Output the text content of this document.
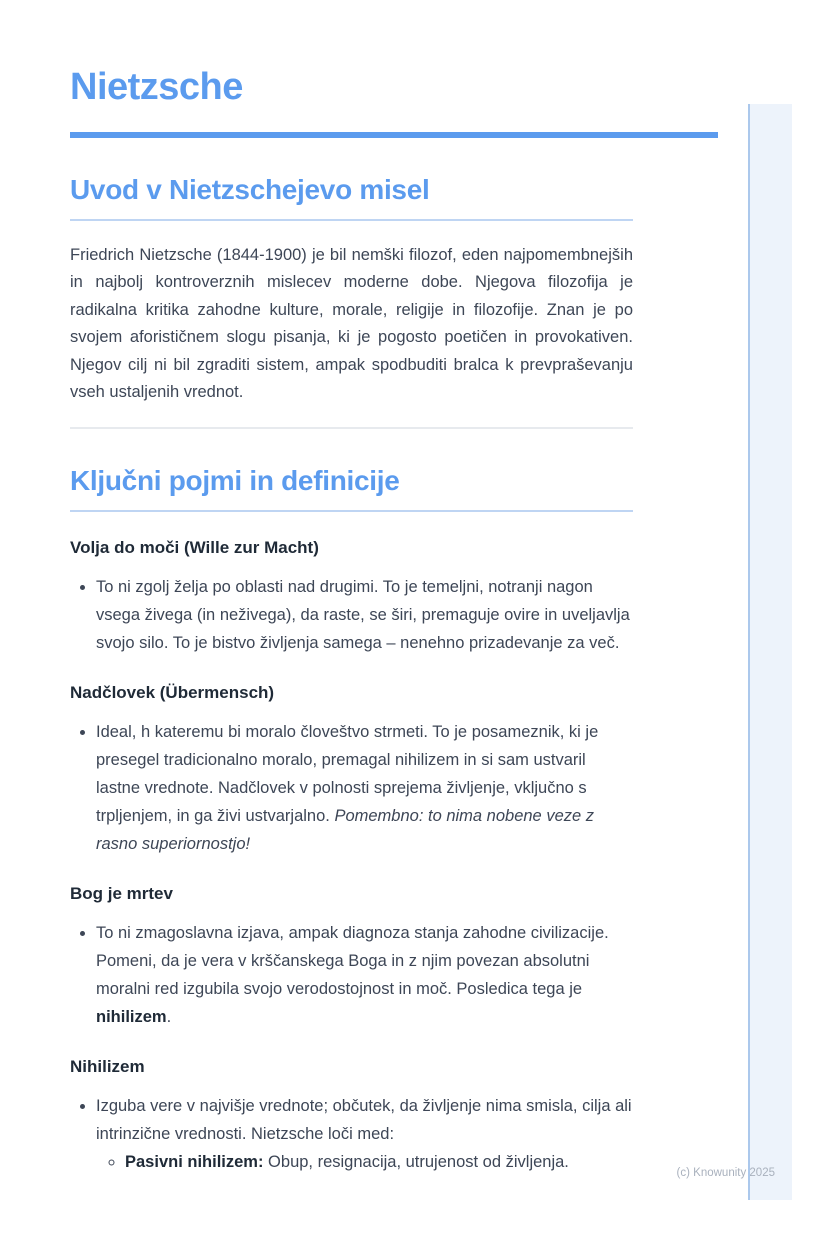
Nietzsche
Uvod v Nietzschejevo misel

Friedrich Nietzsche (1844-1900) je bil nemški filozof, eden najpomembnejših in najbolj kontroverznih mislecev moderne dobe. Njegova filozofija je radikalna kritika zahodne kulture, morale, religije in filozofije. Znan je po svojem aforističnem slogu pisanja, ki je pogosto poetičen in provokativen. Njegov cilj ni bil zgraditi sistem, ampak spodbuditi bralca k prevpraševanju vseh ustaljenih vrednot.

Ključni pojmi in definicije
Volja do moči (Wille zur Macht)
• To ni zgolj želja po oblasti nad drugimi. To je temeljni, notranji nagon vsega živega (in neživega), da raste, se širi, premaguje ovire in uveljavlja svojo silo. To je bistvo življenja samega – nenehno prizadevanje za več.
Nadčlovek (Übermensch)
• Ideal, h kateremu bi moralo človeštvo strmeti. To je posameznik, ki je presegel tradicionalno moralo, premagal nihilizem in si sam ustvaril lastne vrednote. Nadčlovek v polnosti sprejema življenje, vključno s trpljenjem, in ga živi ustvarjalno. Pomembno: to nima nobene veze z rasno superiornostjo!
Bog je mrtev
• To ni zmagoslavna izjava, ampak diagnoza stanja zahodne civilizacije. Pomeni, da je vera v krščanskega Boga in z njim povezan absolutni moralni red izgubila svojo verodostojnost in moč. Posledica tega je nihilizem.
Nihilizem
• Izguba vere v najvišje vrednote; občutek, da življenje nima smisla, cilja ali intrinzične vrednosti. Nietzsche loči med:
◦ Pasivni nihilizem: Obup, resignacija, utrujenost od življenja.
(c) Knowunity 2025
